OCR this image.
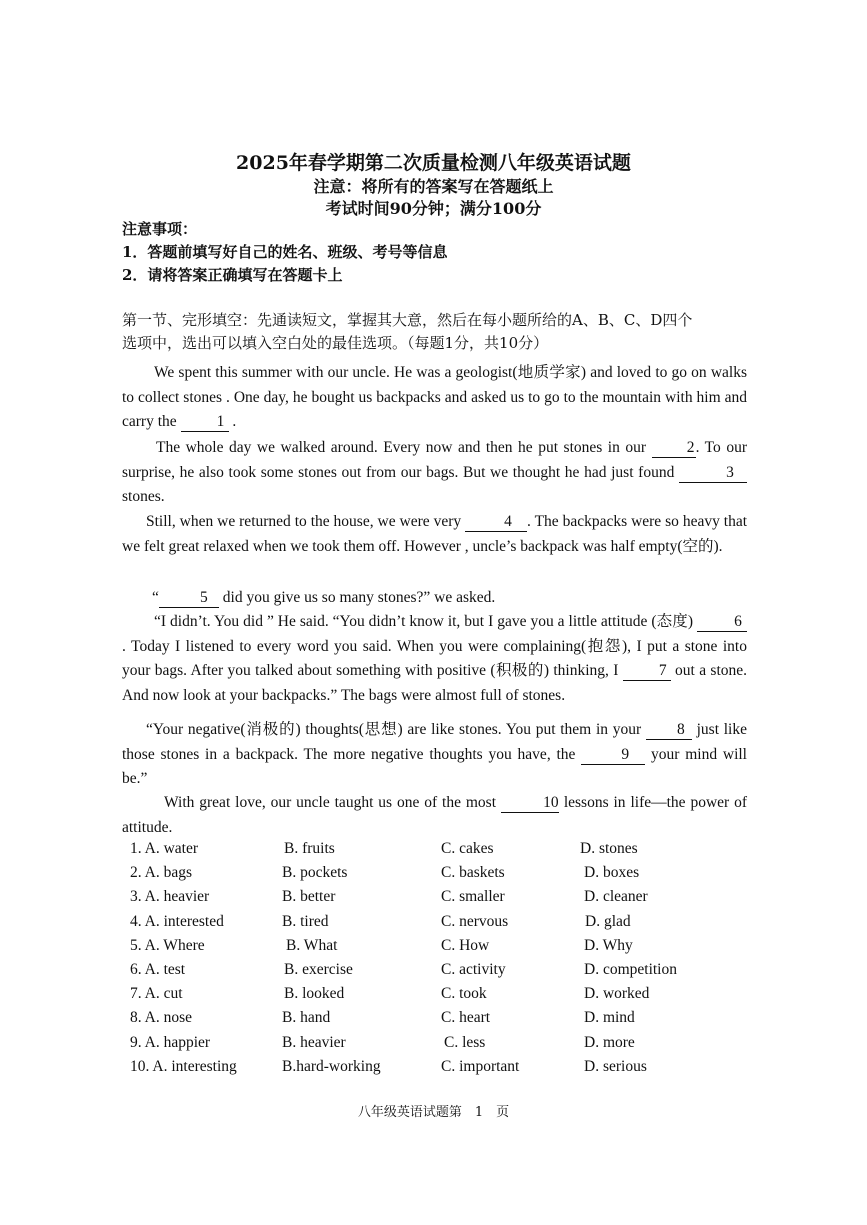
2025年春学期第二次质量检测八年级英语试题
注意：将所有的答案写在答题纸上
考试时间90分钟；满分100分
注意事项：
1．答题前填写好自己的姓名、班级、考号等信息
2．请将答案正确填写在答题卡上
第一节、完形填空：先通读短文，掌握其大意，然后在每小题所给的A、B、C、D四个
选项中，选出可以填入空白处的最佳选项。（每题1分，共10分）
We spent this summer with our uncle. He was a geologist(地质学家) and loved to go on walks to collect stones . One day, he bought us backpacks and asked us to go to the mountain with him and carry the 1 .
The whole day we walked around. Every now and then he put stones in our 2. To our surprise, he also took some stones out from our bags. But we thought he had just found	3 stones.
Still, when we returned to the house, we were very	4 . The backpacks were so heavy that we felt great relaxed when we took them off. However , uncle’s backpack was half empty(空的).
“	5 did you give us so many stones?” we asked.
“I didn’t. You did ” He said. “You didn’t know it, but I gave you a little attitude (态度) 6. Today I listened to every word you said. When you were complaining(抱怨), I put a stone into your bags. After you talked about something with positive (积极的) thinking, I 7 out a stone. And now look at your backpacks.” The bags were almost full of stones.
“Your negative(消极的) thoughts(思想) are like stones. You put them in your 8 just like those stones in a backpack. The more negative thoughts you have, the	9 your mind will be.”
With great love, our uncle taught us one of the most	10 lessons in life—the power of attitude.
1. A. water	B. fruits	C. cakes	D. stones
2. A. bags	B. pockets	C. baskets	D. boxes
3. A. heavier	B. better	C. smaller	D. cleaner
4. A. interested	B. tired	C. nervous	D. glad
5. A. Where	B. What	C. How	D. Why
6. A. test	B. exercise	C. activity	D. competition
7. A. cut	B. looked	C. took	D. worked
8. A. nose	B. hand	C. heart	D. mind
9. A. happier	B. heavier	C. less	D. more
10. A. interesting	B.hard-working	C. important	D. serious
八年级英语试题第　1　页
